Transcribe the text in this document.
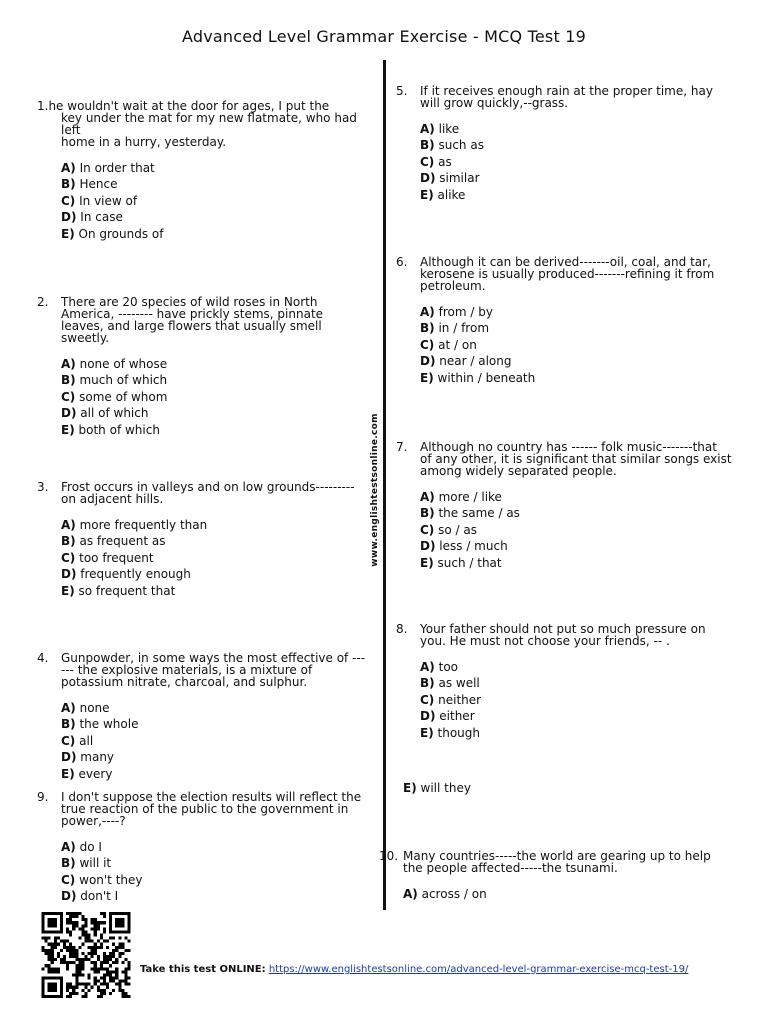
Advanced Level Grammar Exercise - MCQ Test 19
www.englishtestsonline.com
1.he wouldn't wait at the door for ages, I put the
key under the mat for my new flatmate, who had left
home in a hurry, yesterday.
A) In order that
B) Hence
C) In view of
D) In case
E) On grounds of
2. There are 20 species of wild roses in North America, -------- have prickly stems, pinnate leaves, and large flowers that usually smell sweetly.
A) none of whose
B) much of which
C) some of whom
D) all of which
E) both of which
3. Frost occurs in valleys and on low grounds---------on adjacent hills.
A) more frequently than
B) as frequent as
C) too frequent
D) frequently enough
E) so frequent that
4. Gunpowder, in some ways the most effective of ------ the explosive materials, is a mixture of potassium nitrate, charcoal, and sulphur.
A) none
B) the whole
C) all
D) many
E) every
9. I don't suppose the election results will reflect the true reaction of the public to the government in power,----?
A) do I
B) will it
C) won't they
D) don't I
5. If it receives enough rain at the proper time, hay will grow quickly,--grass.
A) like
B) such as
C) as
D) similar
E) alike
6. Although it can be derived-------oil, coal, and tar, kerosene is usually produced-------refining it from petroleum.
A) from / by
B) in / from
C) at / on
D) near / along
E) within / beneath
7. Although no country has ------ folk music-------that of any other, it is significant that similar songs exist among widely separated people.
A) more / like
B) the same / as
C) so / as
D) less / much
E) such / that
8. Your father should not put so much pressure on you. He must not choose your friends, -- .
A) too
B) as well
C) neither
D) either
E) though
E) will they
10. Many countries-----the world are gearing up to help the people affected-----the tsunami.
A) across / on
Take this test ONLINE: https://www.englishtestsonline.com/advanced-level-grammar-exercise-mcq-test-19/
